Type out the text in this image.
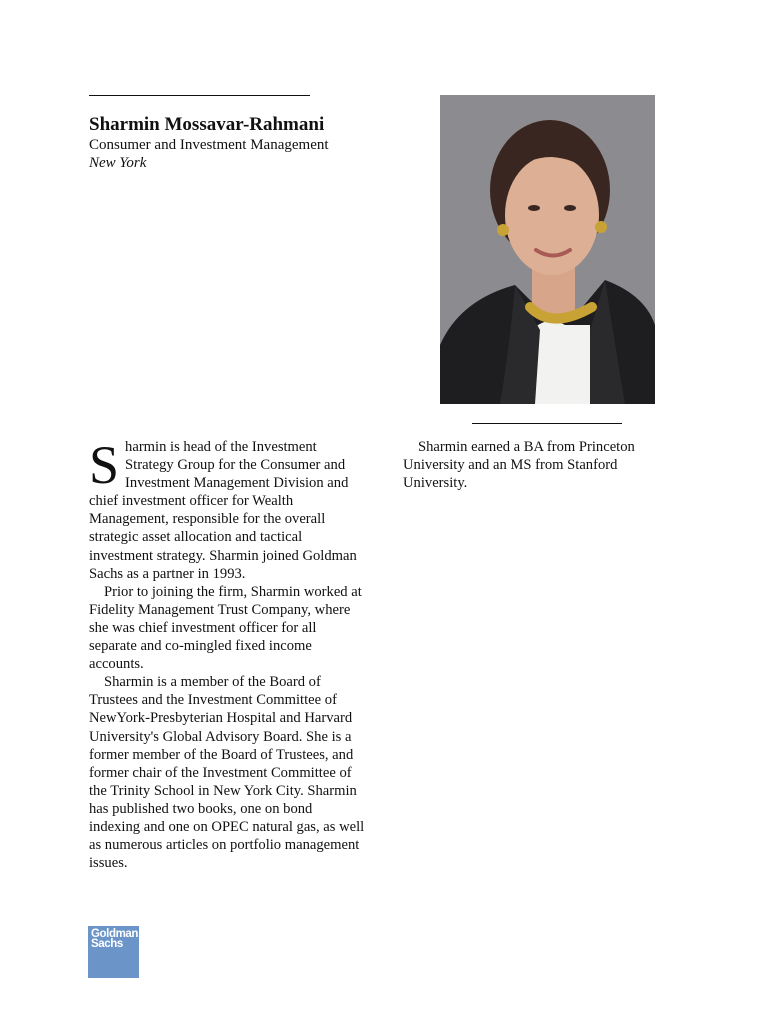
Sharmin Mossavar-Rahmani

Consumer and Investment Management

New York

Sharmin is head of the Investment Strategy Group for the Consumer and Investment Management Division and chief investment officer for Wealth Management, responsible for the overall strategic asset allocation and tactical investment strategy. Sharmin joined Goldman Sachs as a partner in 1993.

Prior to joining the firm, Sharmin worked at Fidelity Management Trust Company, where she was chief investment officer for all separate and co-mingled fixed income accounts.

Sharmin is a member of the Board of Trustees and the Investment Committee of NewYork-Presbyterian Hospital and Harvard University's Global Advisory Board. She is a former member of the Board of Trustees, and former chair of the Investment Committee of the Trinity School in New York City. Sharmin has published two books, one on bond indexing and one on OPEC natural gas, as well as numerous articles on portfolio management issues.

Sharmin earned a BA from Princeton University and an MS from Stanford University.

Goldman
Sachs
